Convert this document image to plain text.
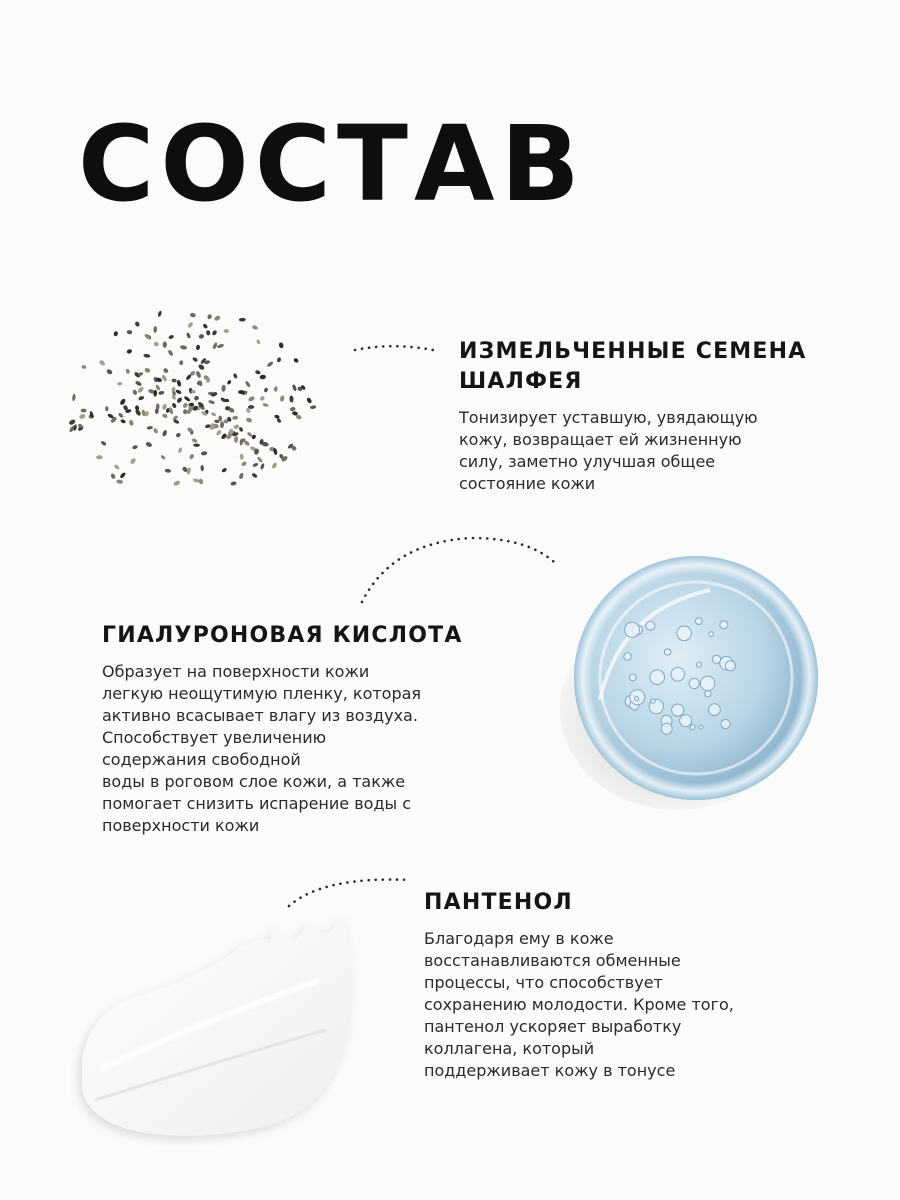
СОСТАВ
ИЗМЕЛЬЧЕННЫЕ СЕМЕНА
ШАЛФЕЯ
Тонизирует уставшую, увядающую
кожу, возвращает ей жизненную
силу, заметно улучшая общее
состояние кожи
ГИАЛУРОНОВАЯ КИСЛОТА
Образует на поверхности кожи
легкую неощутимую пленку, которая
активно всасывает влагу из воздуха.
Способствует увеличению
содержания свободной
воды в роговом слое кожи, а также
помогает снизить испарение воды с
поверхности кожи
ПАНТЕНОЛ
Благодаря ему в коже
восстанавливаются обменные
процессы, что способствует
сохранению молодости. Кроме того,
пантенол ускоряет выработку
коллагена, который
поддерживает кожу в тонусе
